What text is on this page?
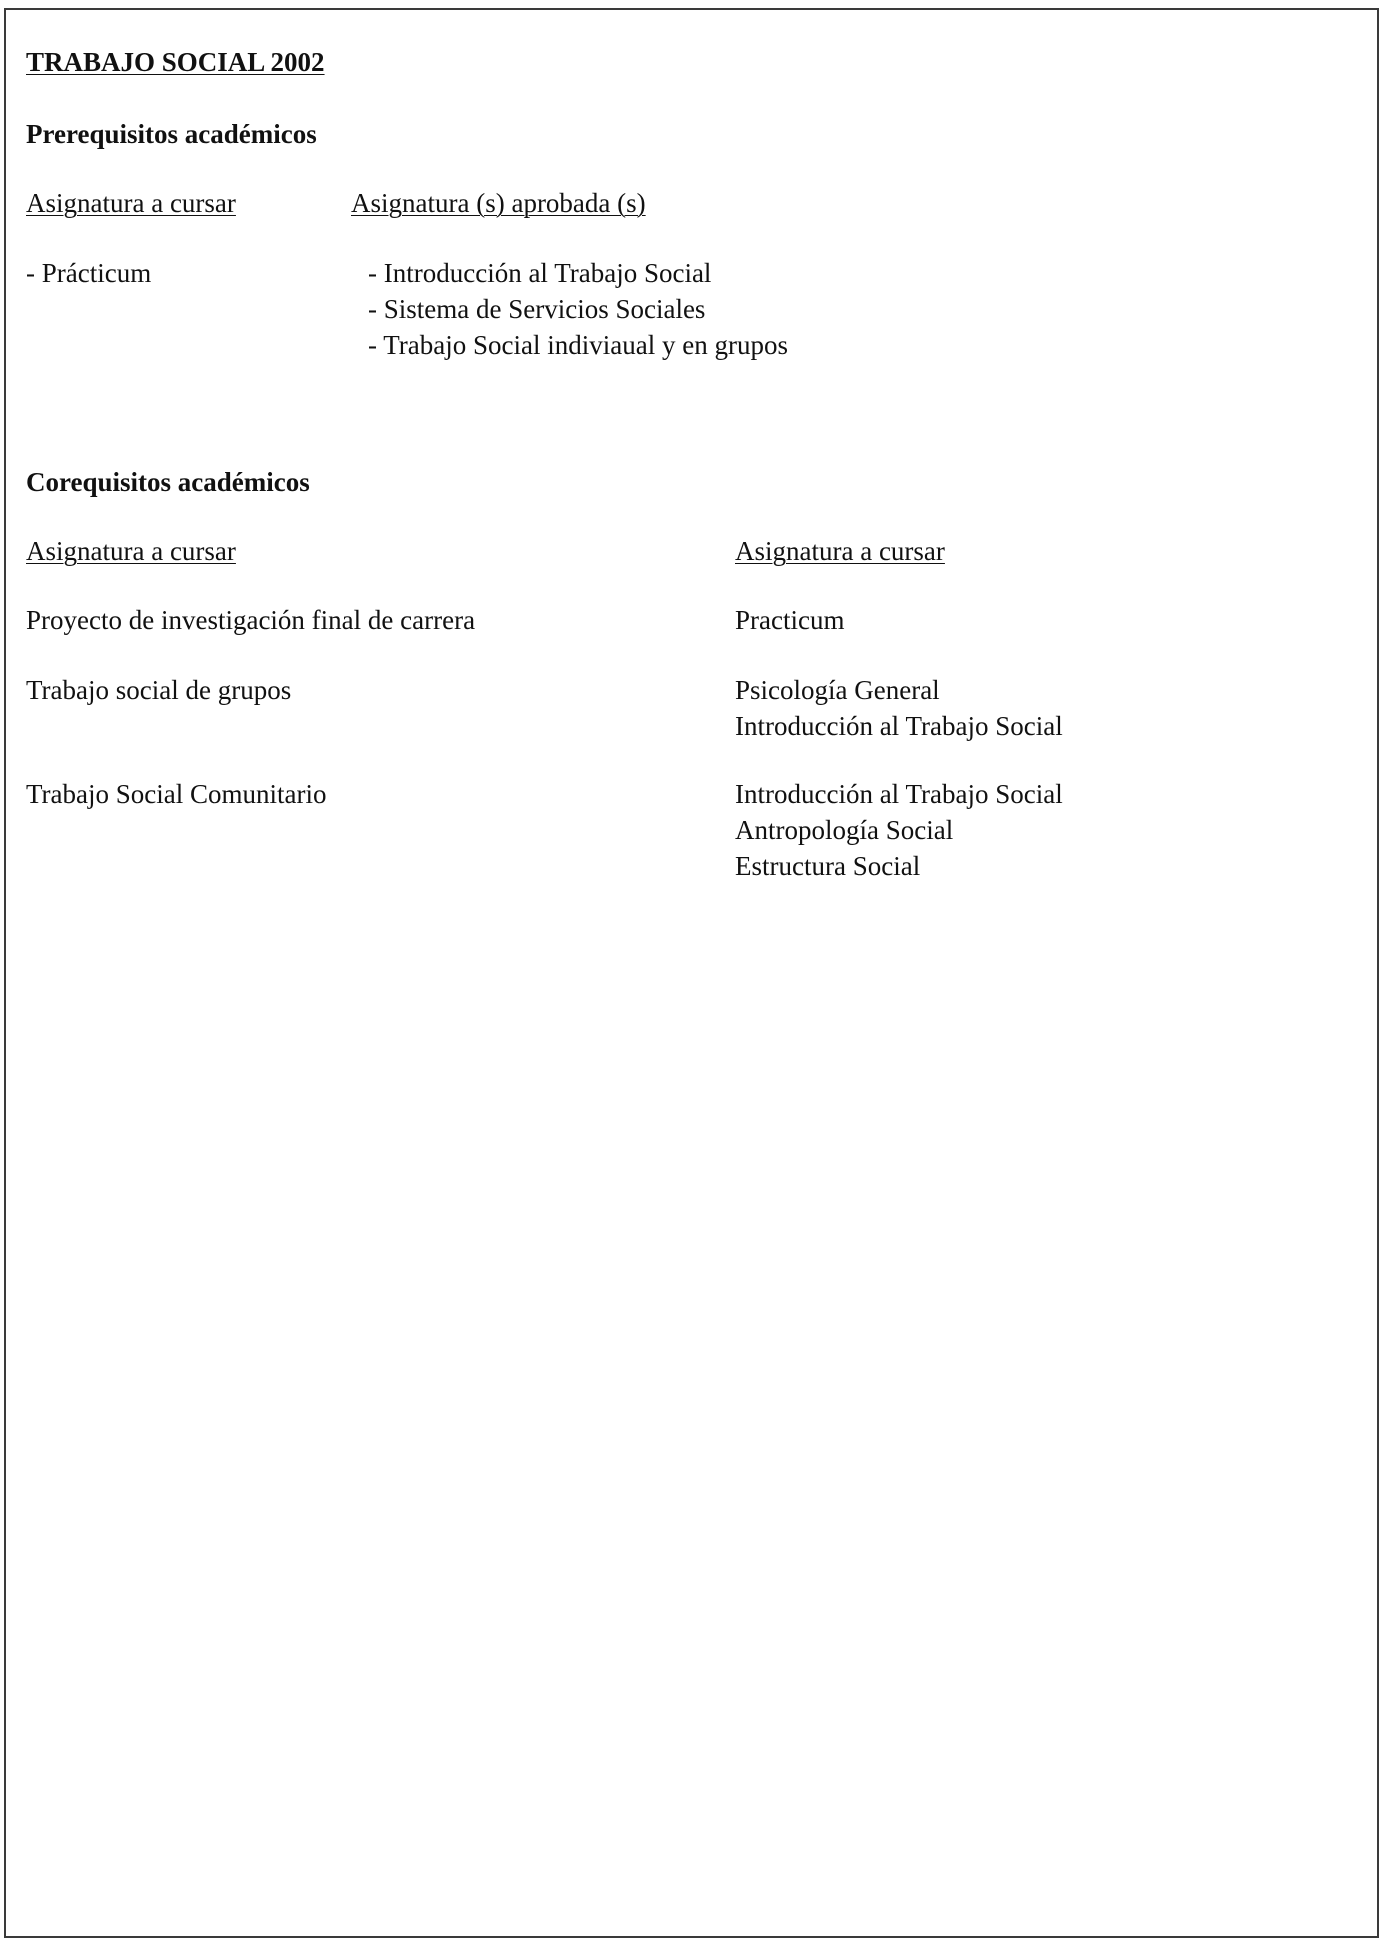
TRABAJO SOCIAL 2002
Prerequisitos académicos
Asignatura a cursar	Asignatura (s) aprobada (s)
- Prácticum	- Introducción al Trabajo Social
- Sistema de Servicios Sociales
- Trabajo Social indiviaual y en grupos
Corequisitos académicos
Asignatura a cursar	Asignatura a cursar
Proyecto de investigación final de carrera	Practicum
Trabajo social de grupos	Psicología General
Introducción al Trabajo Social
Trabajo Social Comunitario	Introducción al Trabajo Social
Antropología Social
Estructura Social
